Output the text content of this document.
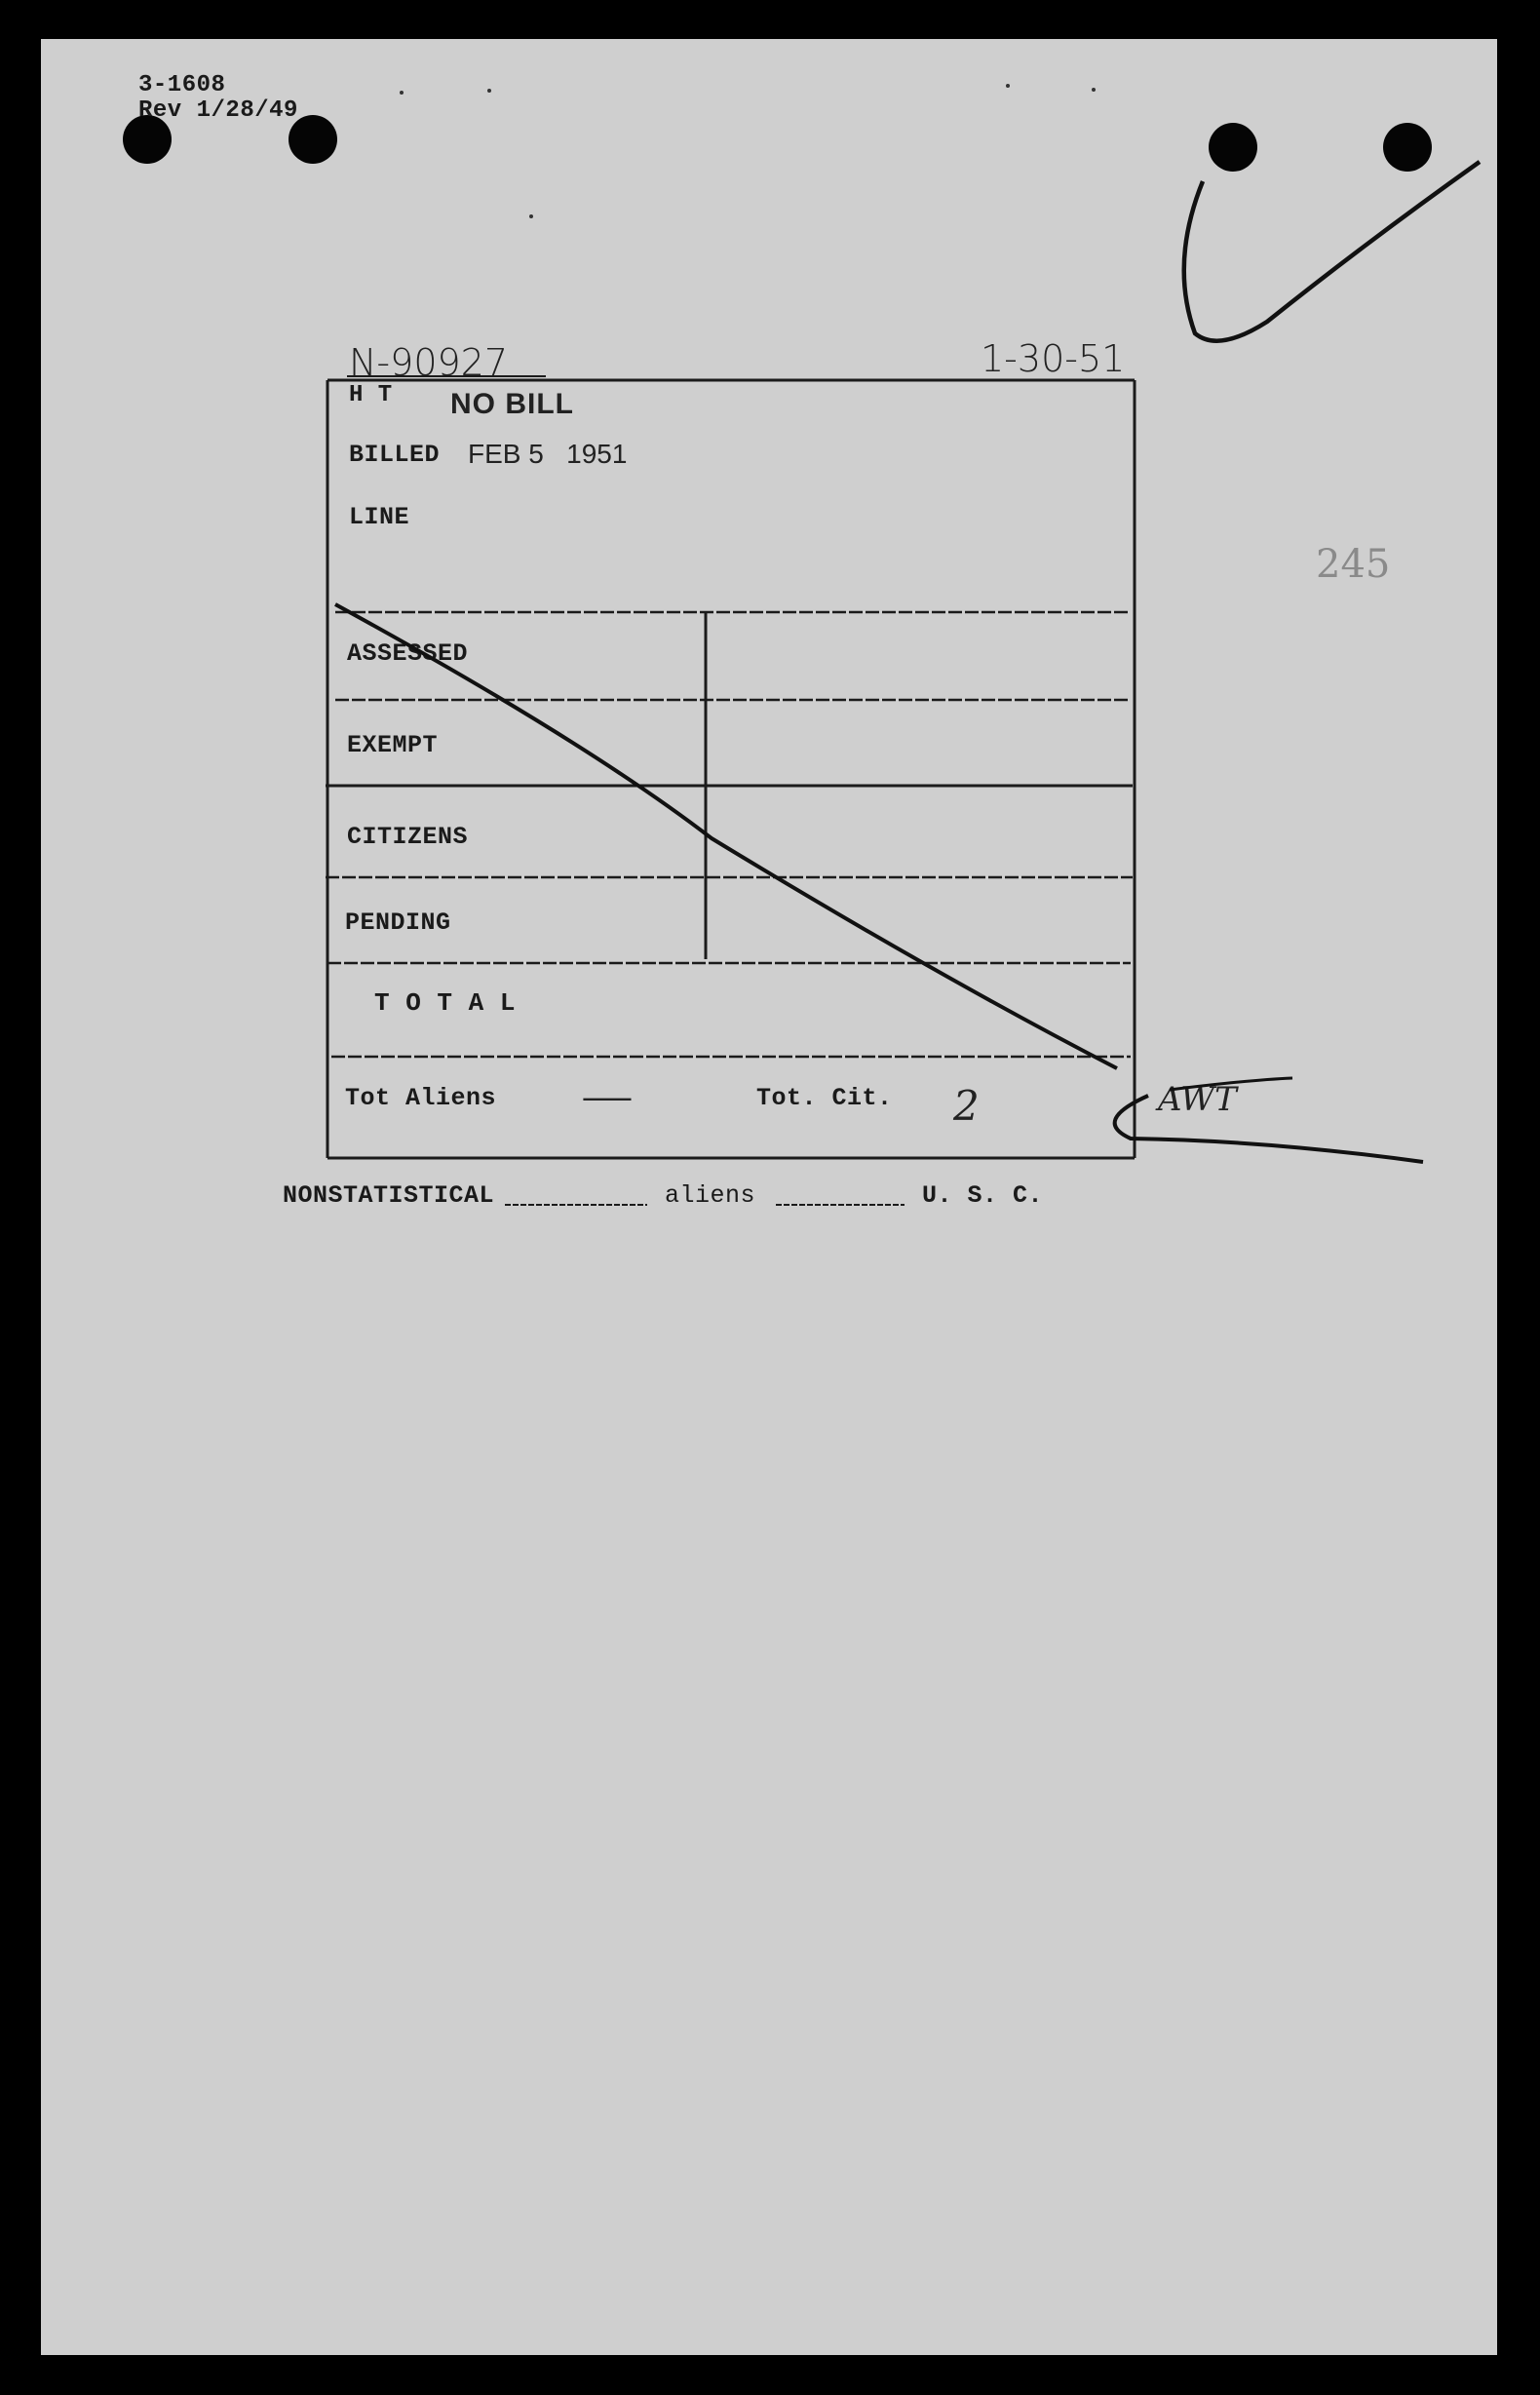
3-1608
Rev 1/28/49
N-90927	1-30-51
245
H T NO BILL
BILLED FEB 5   1951
LINE
ASSESSED
EXEMPT
CITIZENS
PENDING
T O T A L
Tot Aliens	—	Tot. Cit. 2	AWT
NONSTATISTICAL	aliens	U. S. C.
